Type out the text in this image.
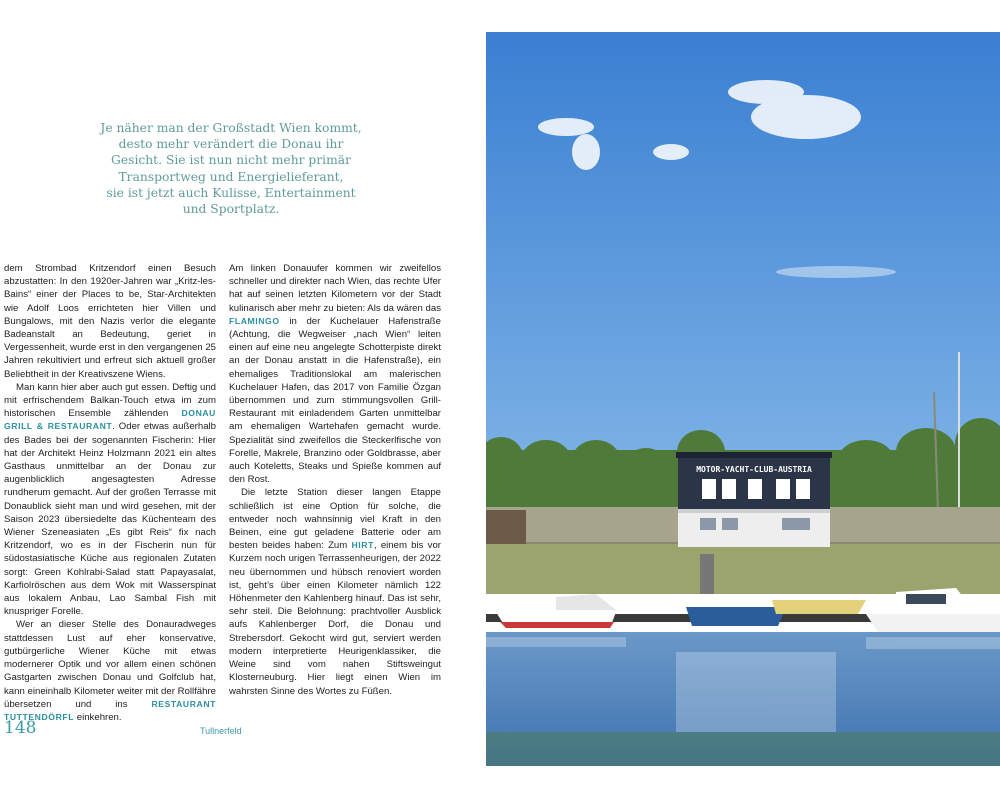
Je näher man der Großstadt Wien kommt,
desto mehr verändert die Donau ihr
Gesicht. Sie ist nun nicht mehr primär
Transportweg und Energielieferant,
sie ist jetzt auch Kulisse, Entertainment
und Sportplatz.

dem Strombad Kritzendorf einen Besuch abzustatten: In den 1920er-Jahren war „Kritz-les-Bains“ einer der Places to be, Star-Architekten wie Adolf Loos errichteten hier Villen und Bungalows, mit den Nazis verlor die elegante Badeanstalt an Bedeutung, geriet in Vergessenheit, wurde erst in den vergangenen 25 Jahren rekultiviert und erfreut sich aktuell großer Beliebtheit in der Kreativszene Wiens.

Man kann hier aber auch gut essen. Deftig und mit erfrischendem Balkan-Touch etwa im zum historischen Ensemble zählenden DONAU GRILL & RESTAURANT. Oder etwas außerhalb des Bades bei der sogenannten Fischerin: Hier hat der Architekt Heinz Holzmann 2021 ein altes Gasthaus unmittelbar an der Donau zur augenblicklich angesagtesten Adresse rundherum gemacht. Auf der großen Terrasse mit Donaublick sieht man und wird gesehen, mit der Saison 2023 übersiedelte das Küchenteam des Wiener Szeneasiaten „Es gibt Reis“ fix nach Kritzendorf, wo es in der Fischerin nun für südostasiatische Küche aus regionalen Zutaten sorgt: Green Kohlrabi-Salad statt Papayasalat, Karfiolröschen aus dem Wok mit Wasserspinat aus lokalem Anbau, Lao Sambal Fish mit knuspriger Forelle.

Wer an dieser Stelle des Donauradweges stattdessen Lust auf eher konservative, gutbürgerliche Wiener Küche mit etwas modernerer Optik und vor allem einen schönen Gastgarten zwischen Donau und Golfclub hat, kann eineinhalb Kilometer weiter mit der Rollfähre übersetzen und ins RESTAURANT TUTTENDÖRFL einkehren.

Am linken Donauufer kommen wir zweifellos schneller und direkter nach Wien, das rechte Ufer hat auf seinen letzten Kilometern vor der Stadt kulinarisch aber mehr zu bieten: Als da wären das FLAMINGO in der Kuchelauer Hafenstraße (Achtung, die Wegweiser „nach Wien“ leiten einen auf eine neu angelegte Schotterpiste direkt an der Donau anstatt in die Hafenstraße), ein ehemaliges Traditionslokal am malerischen Kuchelauer Hafen, das 2017 von Familie Özgan übernommen und zum stimmungsvollen Grill-Restaurant mit einladendem Garten unmittelbar am ehemaligen Wartehafen gemacht wurde. Spezialität sind zweifellos die Steckerlfische von Forelle, Makrele, Branzino oder Goldbrasse, aber auch Koteletts, Steaks und Spieße kommen auf den Rost.

Die letzte Station dieser langen Etappe schließlich ist eine Option für solche, die entweder noch wahnsinnig viel Kraft in den Beinen, eine gut geladene Batterie oder am besten beides haben: Zum HIRT, einem bis vor Kurzem noch urigen Terrassenheurigen, der 2022 neu übernommen und hübsch renoviert worden ist, geht’s über einen Kilometer nämlich 122 Höhenmeter den Kahlenberg hinauf. Das ist sehr, sehr steil. Die Belohnung: prachtvoller Ausblick aufs Kahlenberger Dorf, die Donau und Strebersdorf. Gekocht wird gut, serviert werden modern interpretierte Heurigenklassiker, die Weine sind vom nahen Stiftsweingut Klosterneuburg. Hier liegt einen Wien im wahrsten Sinne des Wortes zu Füßen.

148	Tullnerfeld
MOTOR-YACHT-CLUB-AUSTRIA
